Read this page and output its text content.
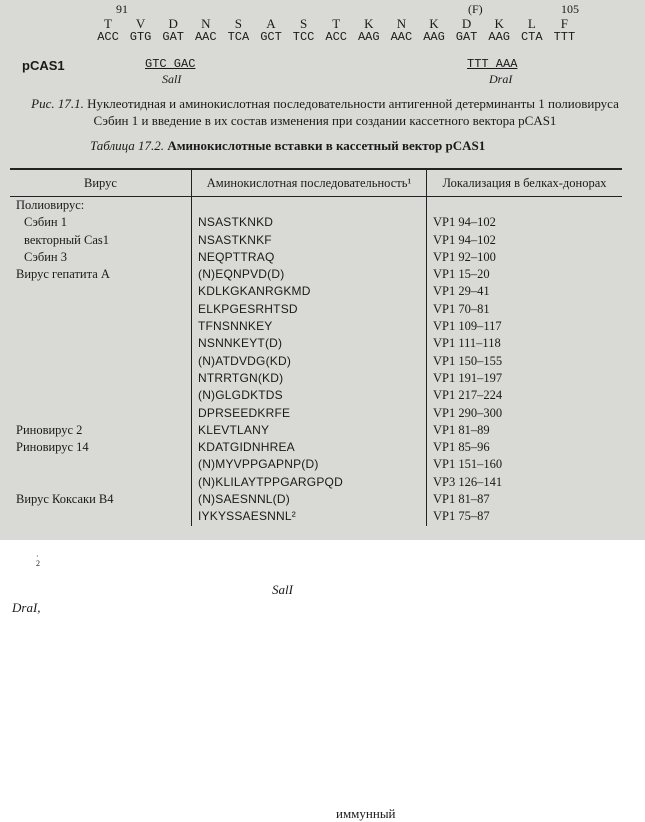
91	(F)	105
T	V	D	N	S	A	S	T	K	N	K	D	K	L	F
ACC GTG GAT AAC TCA GCT TCC ACC AAG AAC AAG GAT AAG CTA TTT
pCAS1	GTC GAC
SalI
TTT AAA
DraI
Рис. 17.1. Нуклеотидная и аминокислотная последовательности антигенной детерминанты 1 полиовируса Сэбин 1 и введение в их состав изменения при создании кассетного вектора pCAS1
Таблица 17.2. Аминокислотные вставки в кассетный вектор pCAS1
Вирус	Аминокислотная последовательность¹	Локализация в белках-донорах
Полиовирус:		
Сэбин 1	NSASTKNKD	VP1 94–102
векторный Cas1	NSASTKNKF	VP1 94–102
Сэбин 3	NEQPTTRAQ	VP1 92–100
Вирус гепатита А	(N)EQNPVD(D)	VP1 15–20
	KDLKGKANRGKMD	VP1 29–41
	ELKPGESRHTSD	VP1 70–81
	TFNSNNKEY	VP1 109–117
	NSNNKEYT(D)	VP1 111–118
	(N)ATDVDG(KD)	VP1 150–155
	NTRRTGN(KD)	VP1 191–197
	(N)GLGDKTDS	VP1 217–224
	DPRSEEDKRFE	VP1 290–300
Риновирус 2	KLEVTLANY	VP1 81–89
Риновирус 14	KDATGIDNHREA	VP1 85–96
	(N)MYVPPGAPNP(D)	VP1 151–160
	(N)KLILAYTPPGARGPQD	VP3 126–141
Вирус Коксаки В4	(N)SAESNNL(D)	VP1 81–87
	IYKYSSAESNNL²	VP1 75–87
·
2
SalI
DraI,
иммунный
